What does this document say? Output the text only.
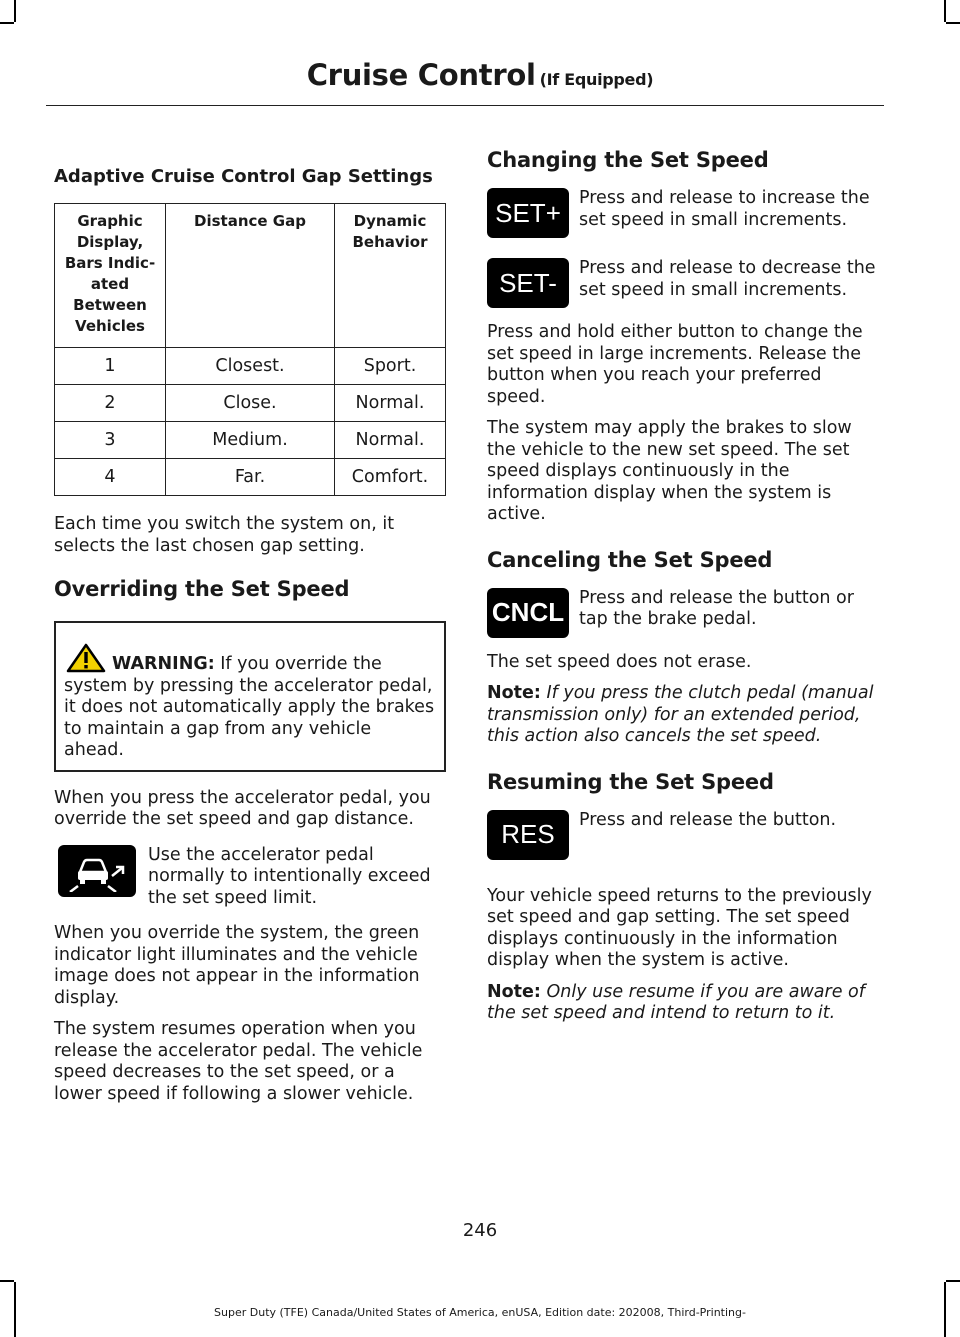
Cruise Control (If Equipped)
Adaptive Cruise Control Gap Settings
Graphic Display, Bars Indic-ated Between Vehicles	Distance Gap	Dynamic Behavior
1	Closest.	Sport.
2	Close.	Normal.
3	Medium.	Normal.
4	Far.	Comfort.

Each time you switch the system on, it selects the last chosen gap setting.

Overriding the Set Speed
WARNING: If you override the system by pressing the accelerator pedal, it does not automatically apply the brakes to maintain a gap from any vehicle ahead.

When you press the accelerator pedal, you override the set speed and gap distance.

Use the accelerator pedal normally to intentionally exceed the set speed limit.

When you override the system, the green indicator light illuminates and the vehicle image does not appear in the information display.

The system resumes operation when you release the accelerator pedal. The vehicle speed decreases to the set speed, or a lower speed if following a slower vehicle.

Changing the Set Speed
SET+	Press and release to increase the set speed in small increments.
SET-	Press and release to decrease the set speed in small increments.

Press and hold either button to change the set speed in large increments. Release the button when you reach your preferred speed.

The system may apply the brakes to slow the vehicle to the new set speed. The set speed displays continuously in the information display when the system is active.

Canceling the Set Speed
CNCL Press and release the button or tap the brake pedal.

The set speed does not erase.

Note: If you press the clutch pedal (manual transmission only) for an extended period, this action also cancels the set speed.

Resuming the Set Speed
RES	Press and release the button.

Your vehicle speed returns to the previously set speed and gap setting. The set speed displays continuously in the information display when the system is active.

Note: Only use resume if you are aware of the set speed and intend to return to it.

246
Super Duty (TFE) Canada/United States of America, enUSA, Edition date: 202008, Third-Printing-
